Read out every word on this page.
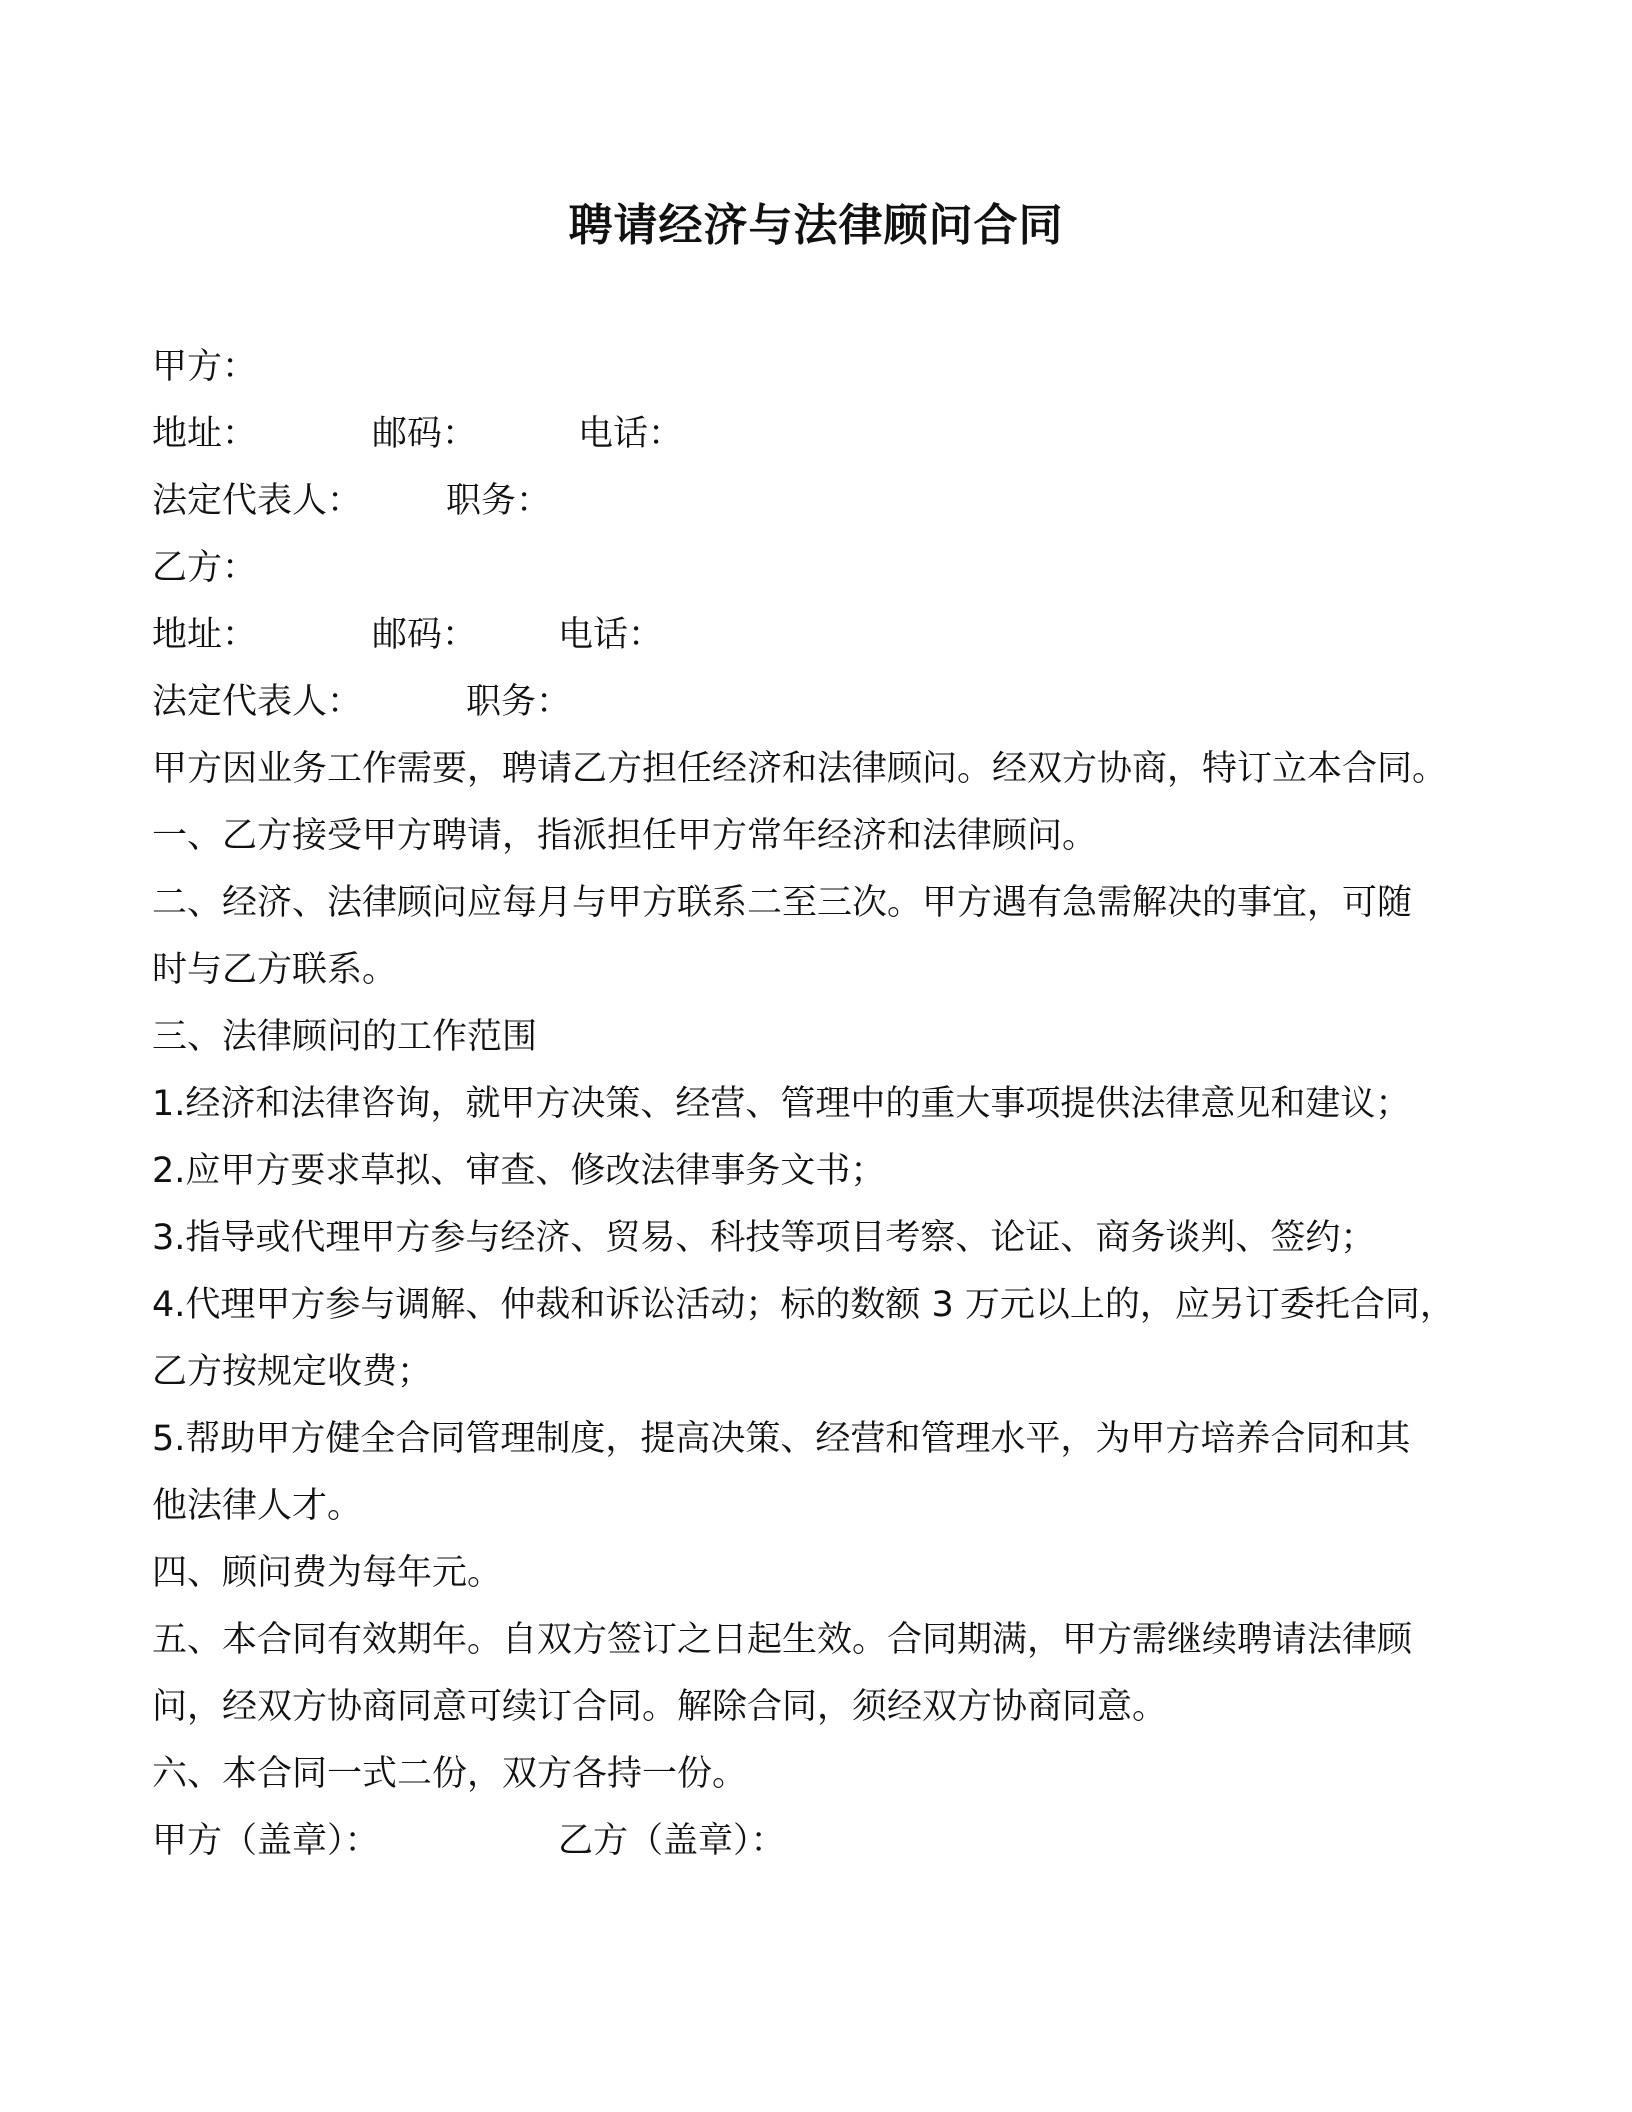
聘请经济与法律顾问合同
甲方：
地址：	邮码：	电话：
法定代表人： 职务：
乙方：
地址：	邮码： 电话：
法定代表人：	职务：
甲方因业务工作需要，聘请乙方担任经济和法律顾问。经双方协商，特订立本合同。
一、乙方接受甲方聘请，指派担任甲方常年经济和法律顾问。
二、经济、法律顾问应每月与甲方联系二至三次。甲方遇有急需解决的事宜，可随
时与乙方联系。
三、法律顾问的工作范围
1.经济和法律咨询，就甲方决策、经营、管理中的重大事项提供法律意见和建议；
2.应甲方要求草拟、审查、修改法律事务文书；
3.指导或代理甲方参与经济、贸易、科技等项目考察、论证、商务谈判、签约；
4.代理甲方参与调解、仲裁和诉讼活动；标的数额 3 万元以上的，应另订委托合同，
乙方按规定收费；
5.帮助甲方健全合同管理制度，提高决策、经营和管理水平，为甲方培养合同和其
他法律人才。
四、顾问费为每年元。
五、本合同有效期年。自双方签订之日起生效。合同期满，甲方需继续聘请法律顾
问，经双方协商同意可续订合同。解除合同，须经双方协商同意。
六、本合同一式二份，双方各持一份。
甲方（盖章）：	乙方（盖章）：
